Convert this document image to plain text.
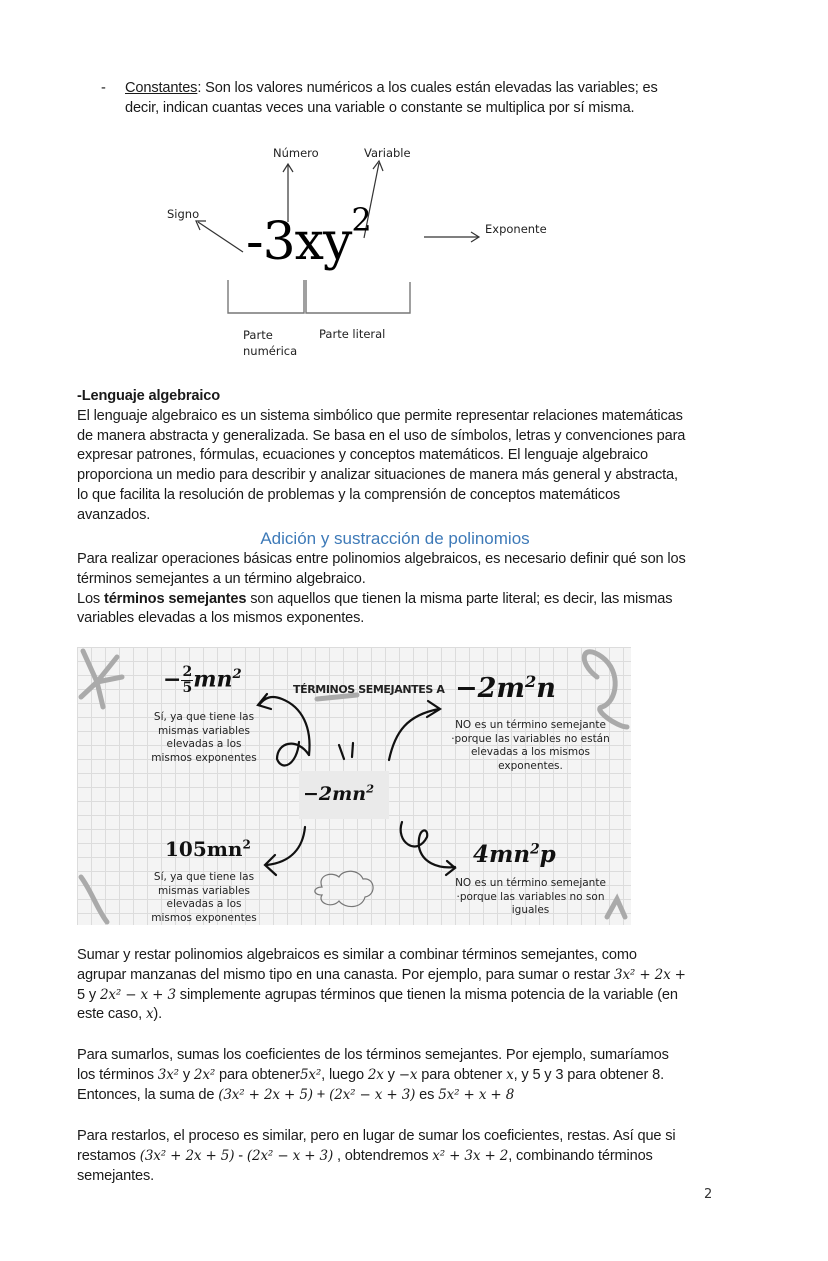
- Constantes: Son los valores numéricos a los cuales están elevadas las variables; es
decir, indican cuantas veces una variable o constante se multiplica por sí misma.
$-3xy^2$
Número	Variable
Signo
Exponente
Parte
numérica
Parte literal
-Lenguaje algebraico
El lenguaje algebraico es un sistema simbólico que permite representar relaciones matemáticas
de manera abstracta y generalizada. Se basa en el uso de símbolos, letras y convenciones para
expresar patrones, fórmulas, ecuaciones y conceptos matemáticos. El lenguaje algebraico
proporciona un medio para describir y analizar situaciones de manera más general y abstracta,
lo que facilita la resolución de problemas y la comprensión de conceptos matemáticos
avanzados.
Adición y sustracción de polinomios
Para realizar operaciones básicas entre polinomios algebraicos, es necesario definir qué son los
términos semejantes a un término algebraico.
Los términos semejantes son aquellos que tienen la misma parte literal; es decir, las mismas
variables elevadas a los mismos exponentes.
TÉRMINOS SEMEJANTES A
$-2mn^2$
− $\frac{2}{5} mn^2$
Sí, ya que tiene las
mismas variables
elevadas a los
mismos exponentes
$-2m^2n$
NO es un término semejante
·porque las variables no están
elevadas a los mismos
exponentes.
$105mn^2$
Sí, ya que tiene las
mismas variables
elevadas a los
mismos exponentes
$4mn^2p$
NO es un término semejante
·porque las variables no son
iguales
Sumar y restar polinomios algebraicos es similar a combinar términos semejantes, como
agrupar manzanas del mismo tipo en una canasta. Por ejemplo, para sumar o restar 3x² + 2x +
5 y 2x² − x + 3 simplemente agrupas términos que tienen la misma potencia de la variable (en
este caso, x).
Para sumarlos, sumas los coeficientes de los términos semejantes. Por ejemplo, sumaríamos
los términos 3x² y 2x² para obtener5x², luego 2x y −x para obtener x, y 5 y 3 para obtener 8.
Entonces, la suma de (3x² + 2x + 5) + (2x² − x + 3) es 5x² + x + 8
Para restarlos, el proceso es similar, pero en lugar de sumar los coeficientes, restas. Así que si
restamos (3x² + 2x + 5) - (2x² − x + 3) , obtendremos x² + 3x + 2, combinando términos
semejantes.
2
